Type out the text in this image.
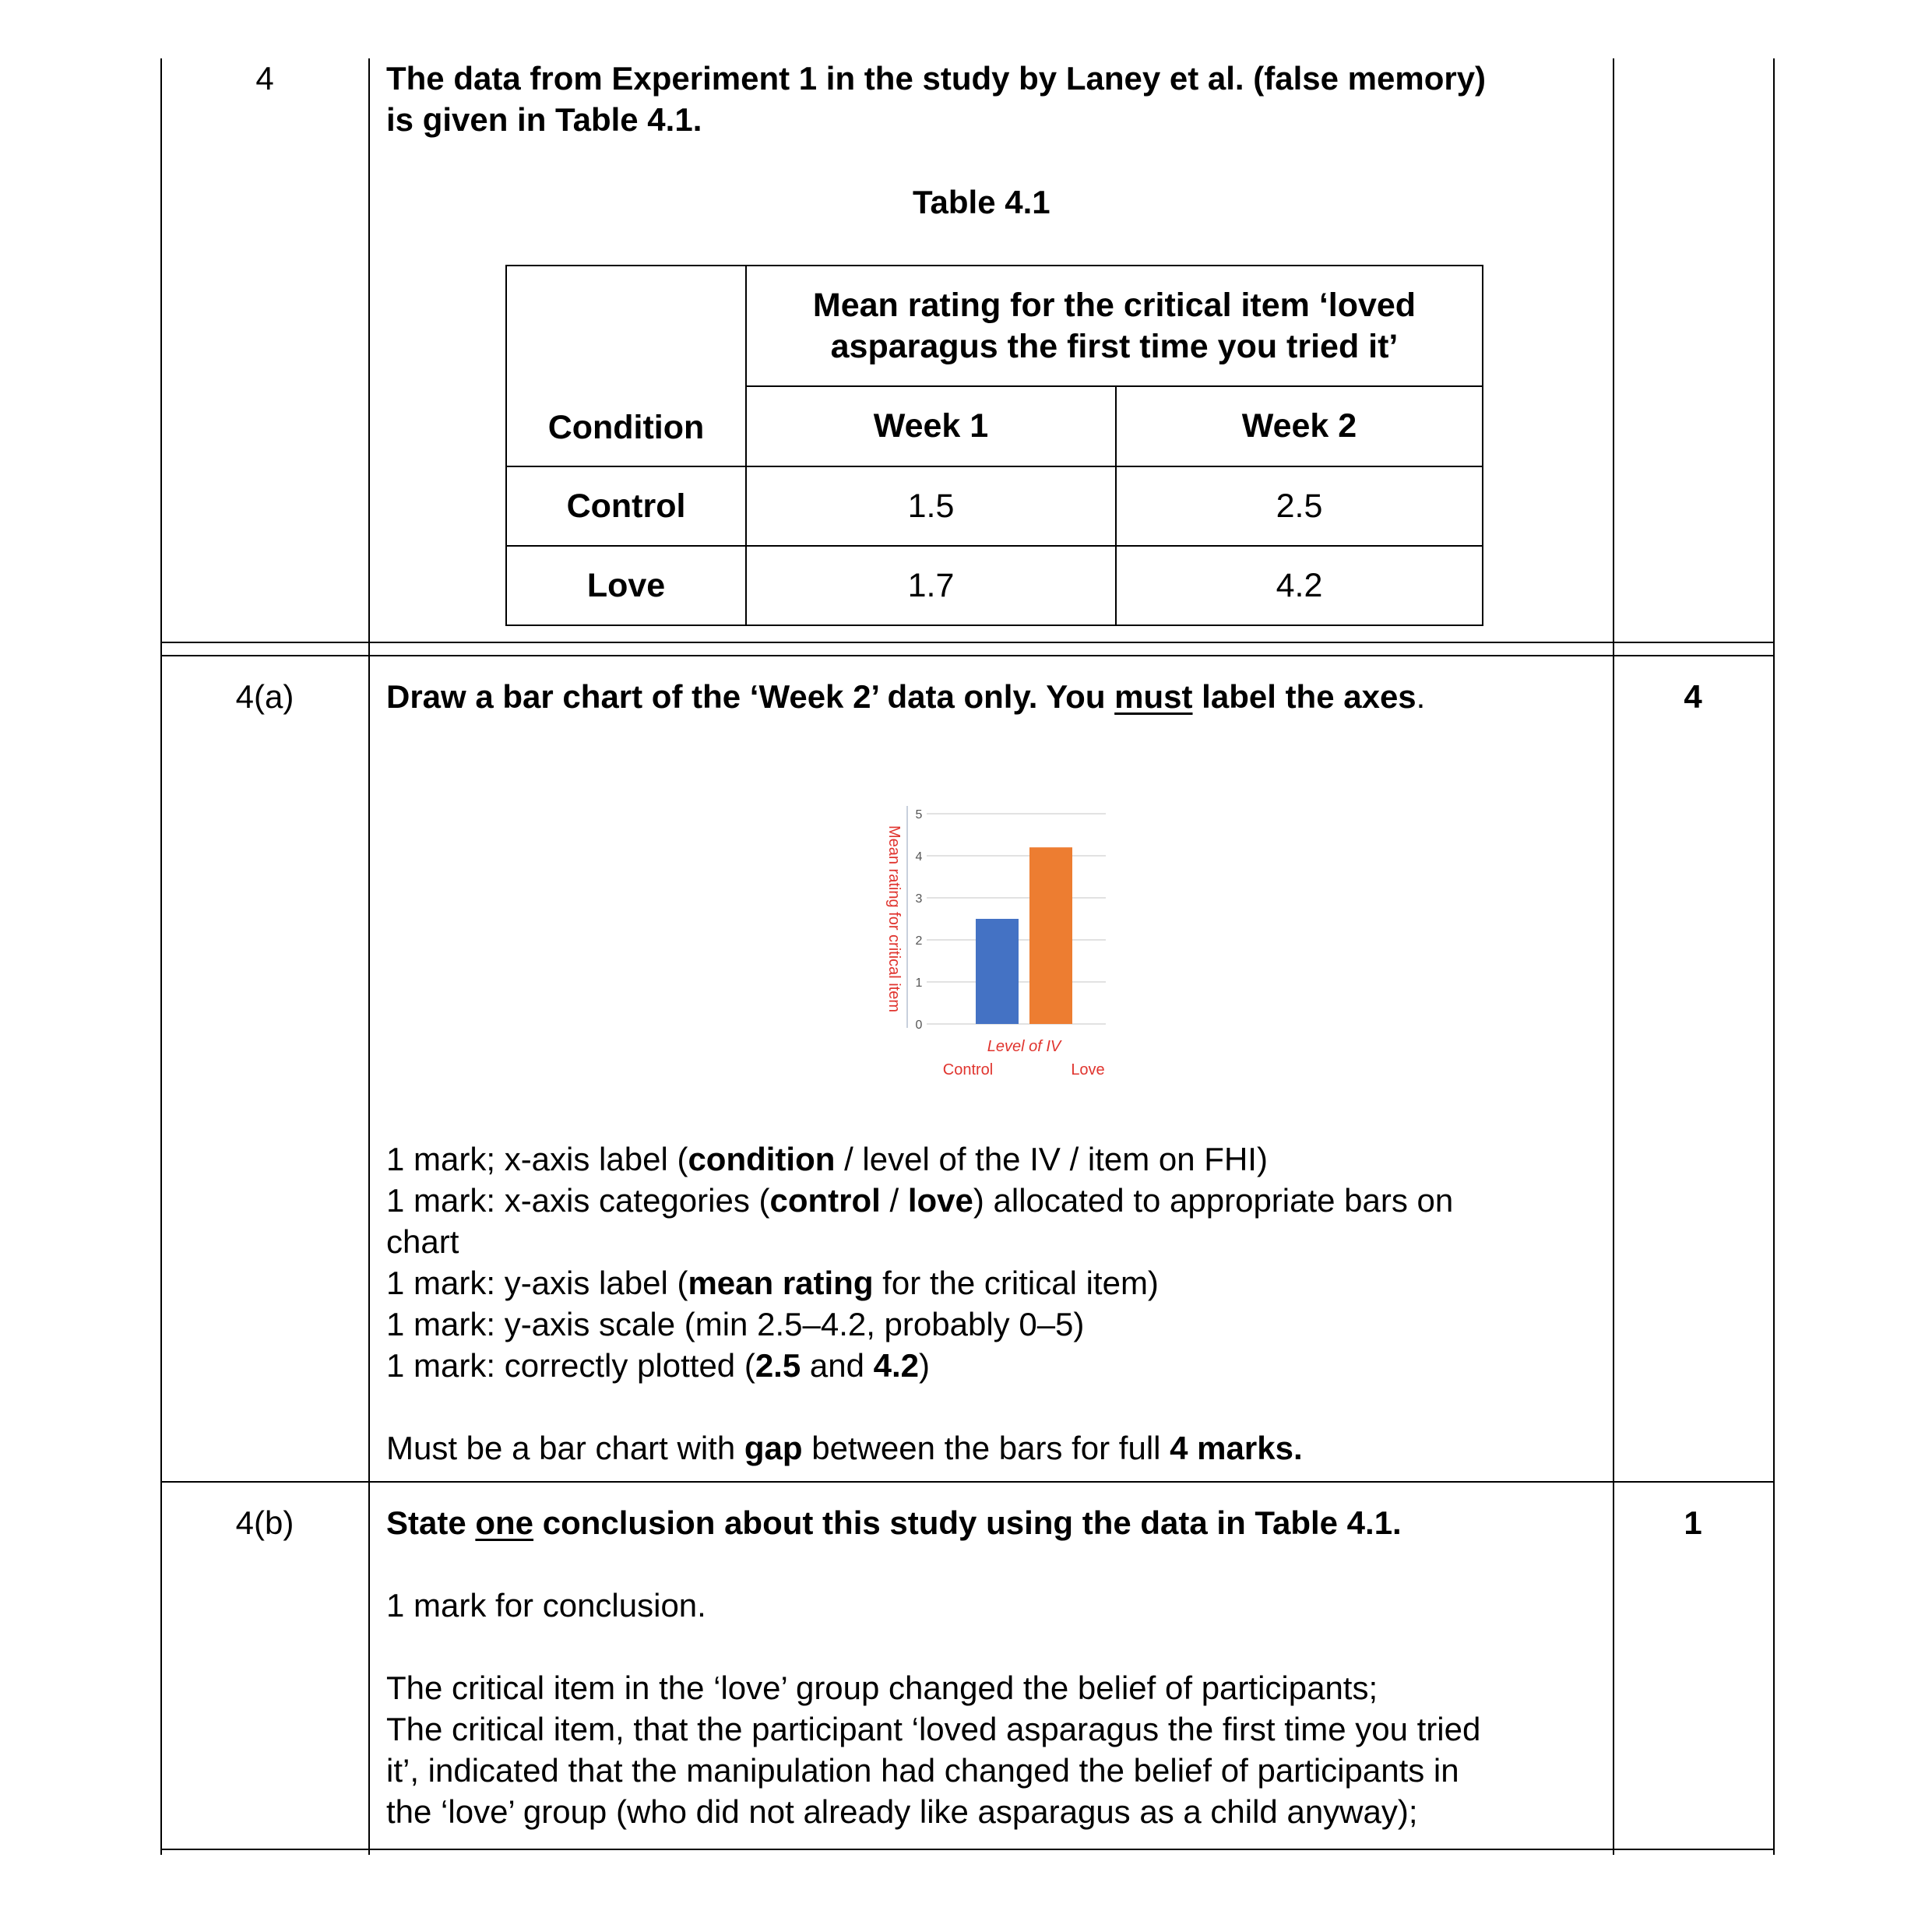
4	The data from Experiment 1 in the study by Laney et al. (false memory)
is given in Table 4.1.
Table 4.1
Condition	Mean rating for the critical item ‘loved
asparagus the first time you tried it’	

	Week 1	Week 2
Control	1.5	2.5
Love	1.7	4.2
4(a)	Draw a bar chart of the ‘Week 2’ data only. You must label the axes.	4
Mean rating for critical item
0
1
2
3
4
5
Level of IV
Control	Love
1 mark; x-axis label (condition / level of the IV / item on FHI)
1 mark: x-axis categories (control / love) allocated to appropriate bars on
chart
1 mark: y-axis label (mean rating for the critical item)
1 mark: y-axis scale (min 2.5–4.2, probably 0–5)
1 mark: correctly plotted (2.5 and 4.2)
Must be a bar chart with gap between the bars for full 4 marks.
4(b)	State one conclusion about this study using the data in Table 4.1.	1
1 mark for conclusion.
The critical item in the ‘love’ group changed the belief of participants;
The critical item, that the participant ‘loved asparagus the first time you tried
it’, indicated that the manipulation had changed the belief of participants in
the ‘love’ group (who did not already like asparagus as a child anyway);
